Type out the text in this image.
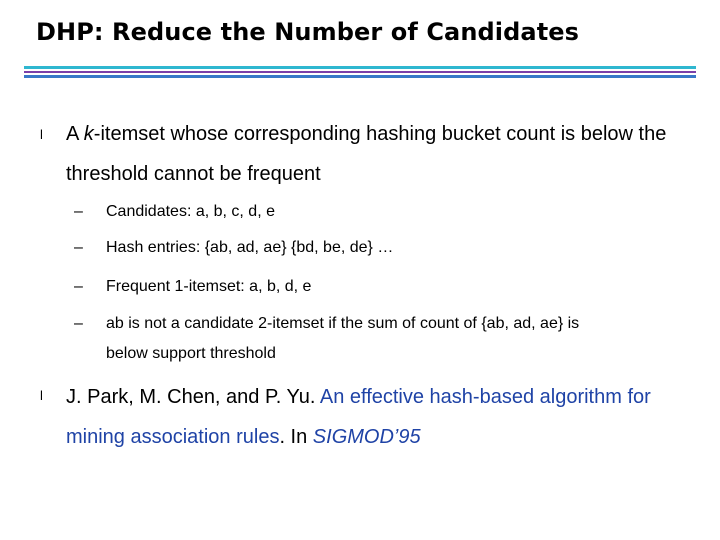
DHP: Reduce the Number of Candidates
l A k-itemset whose corresponding hashing bucket count is below the threshold cannot be frequent

– Candidates: a, b, c, d, e

– Hash entries: {ab, ad, ae} {bd, be, de} …

– Frequent 1-itemset: a, b, d, e

– ab is not a candidate 2-itemset if the sum of count of {ab, ad, ae} is

below support threshold

l J. Park, M. Chen, and P. Yu. An effective hash-based algorithm for mining association rules. In SIGMOD’95
